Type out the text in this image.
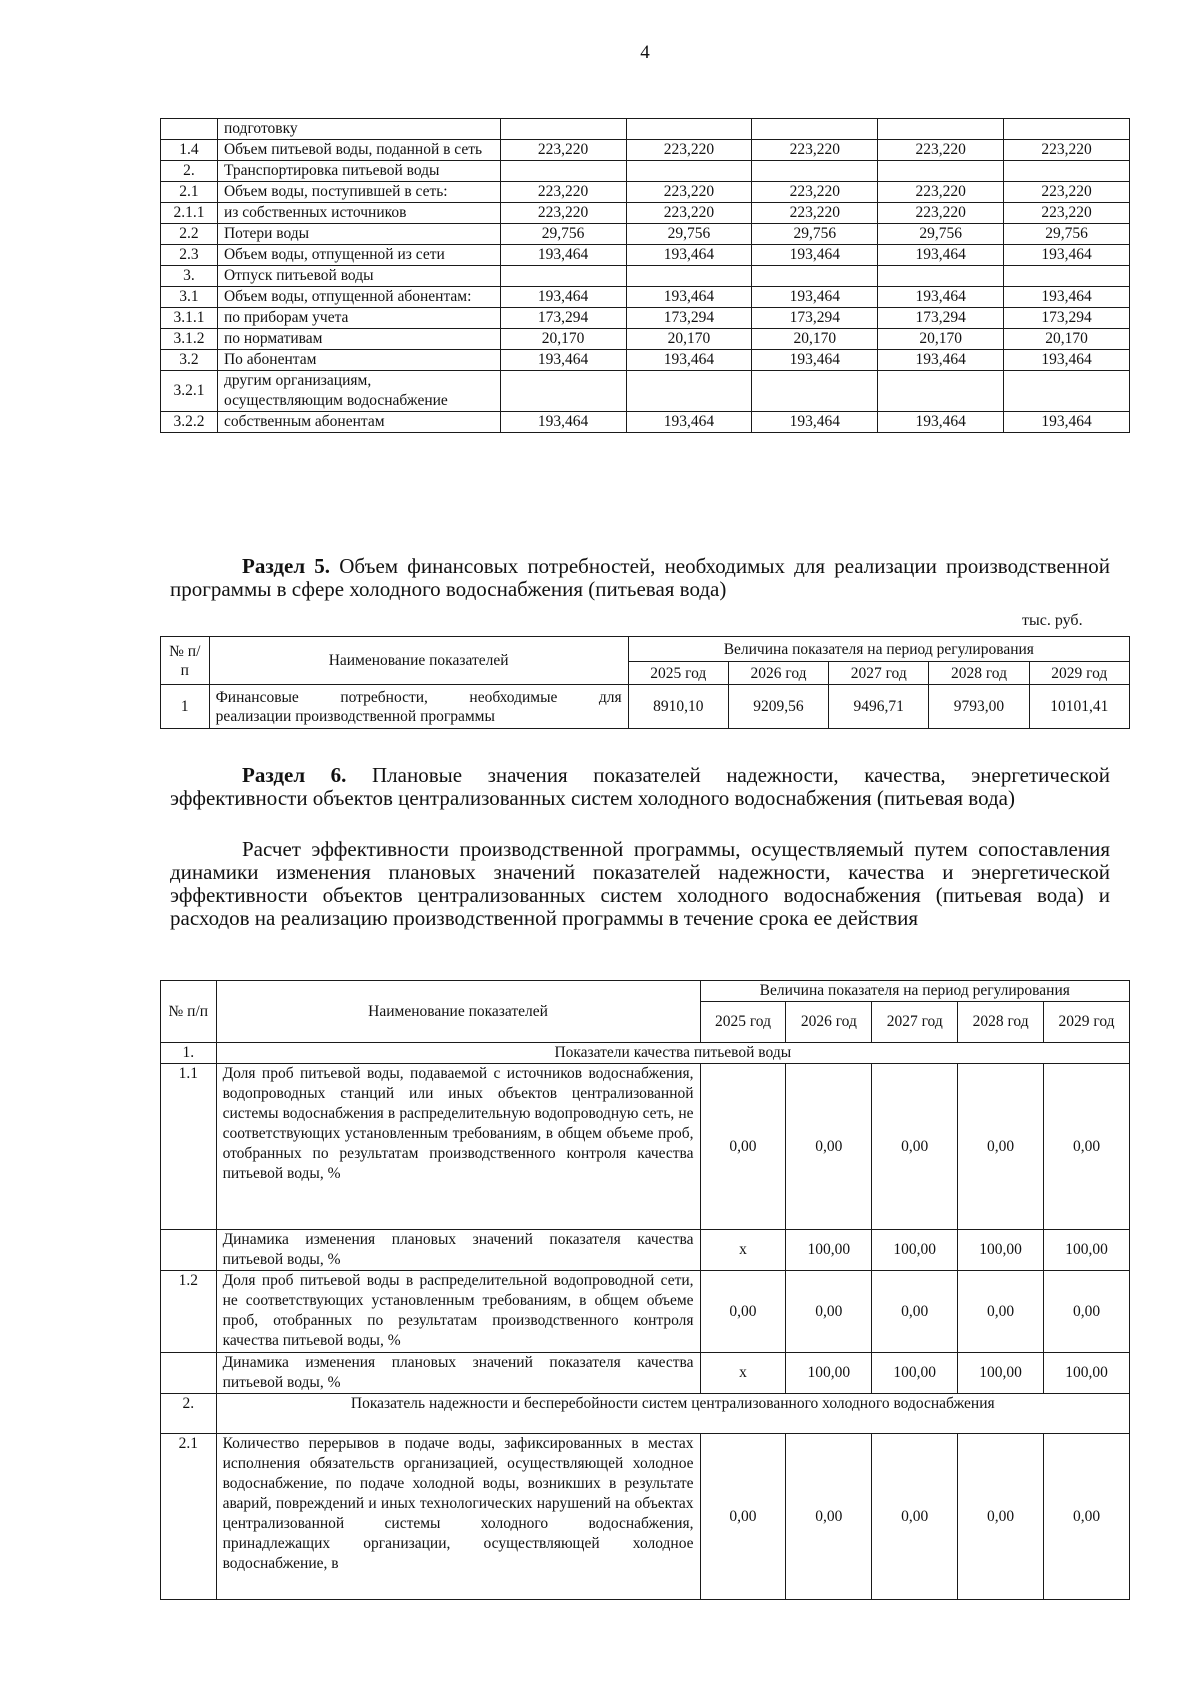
4
	подготовку					
1.4	Объем питьевой воды, поданной в сеть	223,220	223,220	223,220	223,220	223,220
2.	Транспортировка питьевой воды					
2.1	Объем воды, поступившей в сеть:	223,220	223,220	223,220	223,220	223,220
2.1.1	из собственных источников	223,220	223,220	223,220	223,220	223,220
2.2	Потери воды	29,756	29,756	29,756	29,756	29,756
2.3	Объем воды, отпущенной из сети	193,464	193,464	193,464	193,464	193,464
3.	Отпуск питьевой воды					
3.1	Объем воды, отпущенной абонентам:	193,464	193,464	193,464	193,464	193,464
3.1.1	по приборам учета	173,294	173,294	173,294	173,294	173,294
3.1.2	по нормативам	20,170	20,170	20,170	20,170	20,170
3.2	По абонентам	193,464	193,464	193,464	193,464	193,464
3.2.1	другим организациям, осуществляющим водоснабжение					
3.2.2	собственным абонентам	193,464	193,464	193,464	193,464	193,464
Раздел 5. Объем финансовых потребностей, необходимых для реализации производственной программы в сфере холодного водоснабжения (питьевая вода)
тыс. руб.
№ п/п	Наименование показателей	Величина показателя на период регулирования				
		2025 год	2026 год	2027 год	2028 год	2029 год
1	Финансовые потребности, необходимые для
реализации производственной программы	8910,10	9209,56	9496,71	9793,00	10101,41
Раздел 6. Плановые значения показателей надежности, качества, энергетической эффективности объектов централизованных систем холодного водоснабжения (питьевая вода)
Расчет эффективности производственной программы, осуществляемый путем сопоставления динамики изменения плановых значений показателей надежности, качества и энергетической эффективности объектов централизованных систем холодного водоснабжения (питьевая вода) и расходов на реализацию производственной программы в течение срока ее действия
№ п/п	Наименование показателей	Величина показателя на период регулирования				
		2025 год	2026 год	2027 год	2028 год	2029 год
1.	Показатели качества питьевой воды					
1.1	Доля проб питьевой воды, подаваемой с источников водоснабжения, водопроводных станций или иных объектов централизованной системы водоснабжения в распределительную водопроводную сеть, не соответствующих установленным требованиям, в общем объеме проб, отобранных по результатам производственного контроля качества питьевой воды, %	0,00	0,00	0,00	0,00	0,00
	Динамика изменения плановых значений показателя качества питьевой воды, %	x	100,00	100,00	100,00	100,00
1.2	Доля проб питьевой воды в распределительной водопроводной сети, не соответствующих установленным требованиям, в общем объеме проб, отобранных по результатам производственного контроля качества питьевой воды, %	0,00	0,00	0,00	0,00	0,00
	Динамика изменения плановых значений показателя качества питьевой воды, %	x	100,00	100,00	100,00	100,00
2.	Показатель надежности и бесперебойности систем централизованного холодного водоснабжения					
2.1	Количество перерывов в подаче воды, зафиксированных в местах исполнения обязательств организацией, осуществляющей холодное водоснабжение, по подаче холодной воды, возникших в результате аварий, повреждений и иных технологических нарушений на объектах централизованной системы холодного водоснабжения, принадлежащих организации, осуществляющей холодное водоснабжение, в	0,00	0,00	0,00	0,00	0,00
